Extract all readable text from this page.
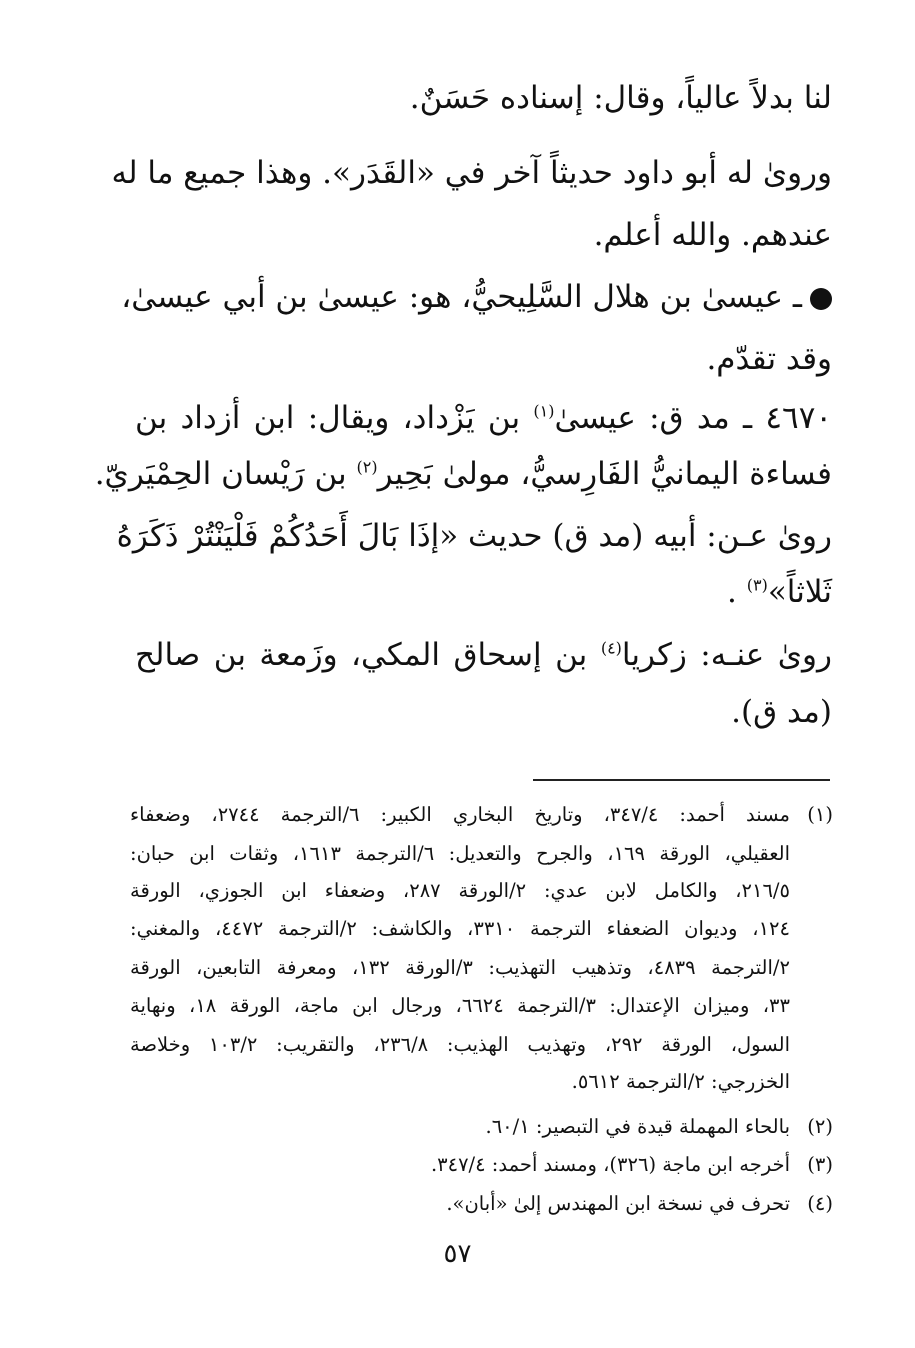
لنا بدلاً عالياً، وقال: إسناده حَسَنٌ.
وروىٰ له أبو داود حديثاً آخر في «القَدَر». وهذا جميع ما له
عندهم. والله أعلم.
ـ عيسىٰ بن هلال السَّلِيحيُّ، هو: عيسىٰ بن أبي عيسىٰ،
وقد تقدّم.
٤٦٧٠ ـ مد ق: عيسىٰ$^{(١)}$ بن يَزْداد، ويقال: ابن أزداد بن
فساءة اليمانيُّ الفَارِسيُّ، مولىٰ بَحِير$^{(٢)}$ بن رَيْسان الحِمْيَريّ.
روىٰ عـن: أبيه (مد ق) حديث «إذَا بَالَ أَحَدُكُمْ فَلْيَنْتُرْ ذَكَرَهُ
ثَلاثاً»$^{(٣)}$ .
روىٰ عنـه: زكريا$^{(٤)}$ بن إسحاق المكي، وزَمعة بن صالح
(مد ق).
(١)
مسند أحمد: ٣٤٧/٤، وتاريخ البخاري الكبير: ٦/الترجمة ٢٧٤٤، وضعفاء
العقيلي، الورقة ١٦٩، والجرح والتعديل: ٦/الترجمة ١٦١٣، وثقات ابن حبان:
٢١٦/٥، والكامل لابن عدي: ٢/الورقة ٢٨٧، وضعفاء ابن الجوزي، الورقة
١٢٤، وديوان الضعفاء الترجمة ٣٣١٠، والكاشف: ٢/الترجمة ٤٤٧٢، والمغني:
٢/الترجمة ٤٨٣٩، وتذهيب التهذيب: ٣/الورقة ١٣٢، ومعرفة التابعين، الورقة
٣٣، وميزان الإعتدال: ٣/الترجمة ٦٦٢٤، ورجال ابن ماجة، الورقة ١٨، ونهاية
السول، الورقة ٢٩٢، وتهذيب الهذيب: ٢٣٦/٨، والتقريب: ١٠٣/٢ وخلاصة
الخزرجي: ٢/الترجمة ٥٦١٢.
(٢)
بالحاء المهملة قيدة في التبصير: ٦٠/١.
(٣)
أخرجه ابن ماجة (٣٢٦)، ومسند أحمد: ٣٤٧/٤.
(٤)
تحرف في نسخة ابن المهندس إلىٰ «أبان».
٥٧
